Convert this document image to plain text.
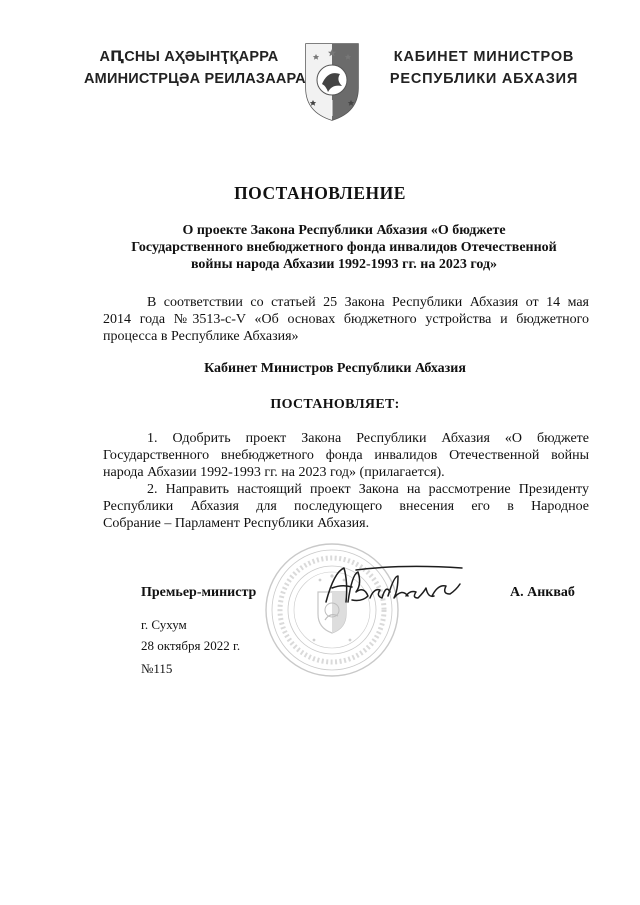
АԤСНЫ АҲӘЫНҬҚАРРА
АМИНИСТРЦӘА РЕИЛАЗААРА
КАБИНЕТ МИНИСТРОВ
РЕСПУБЛИКИ АБХАЗИЯ
ПОСТАНОВЛЕНИЕ
О проекте Закона Республики Абхазия «О бюджете
Государственного внебюджетного фонда инвалидов Отечественной
войны народа Абхазии 1992-1993 гг. на 2023 год»
В соответствии со статьей 25 Закона Республики Абхазия от 14 мая
2014 года №3513-с-V «Об основах бюджетного устройства и бюджетного
процесса в Республике Абхазия»
Кабинет Министров Республики Абхазия
ПОСТАНОВЛЯЕТ:
1. Одобрить проект Закона Республики Абхазия «О бюджете
Государственного внебюджетного фонда инвалидов Отечественной войны
народа Абхазии 1992-1993 гг. на 2023 год» (прилагается).
2. Направить настоящий проект Закона на рассмотрение Президенту
Республики Абхазия для последующего внесения его в Народное
Собрание – Парламент Республики Абхазия.
Премьер-министр	А. Анкваб
г. Сухум
28 октября 2022 г.
№115
